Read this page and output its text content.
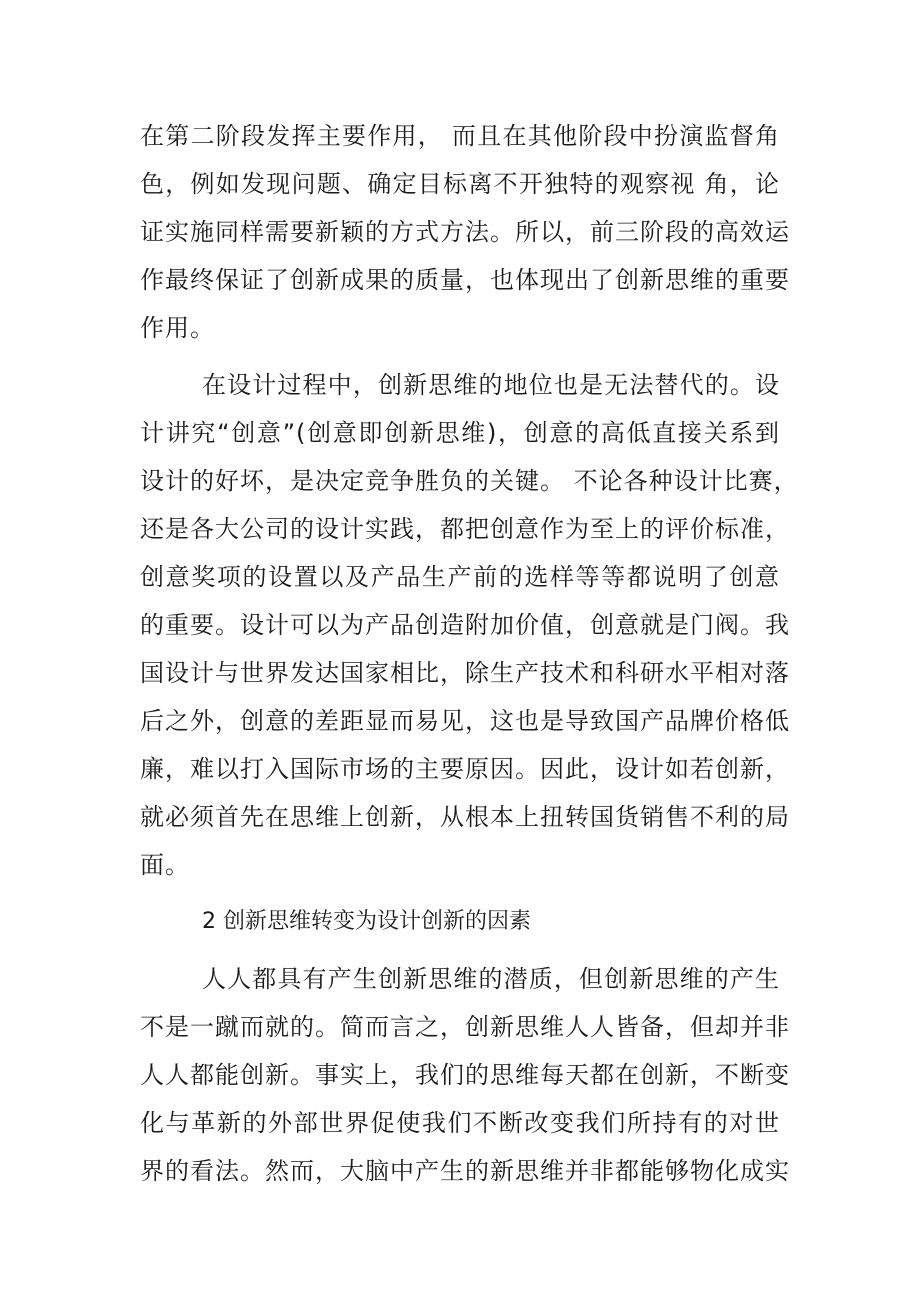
在第二阶段发挥主要作用， 而且在其他阶段中扮演监督角
色，例如发现问题、确定目标离不开独特的观察视 角，论
证实施同样需要新颖的方式方法。所以，前三阶段的高效运
作最终保证了创新成果的质量，也体现出了创新思维的重要
作用。
在设计过程中，创新思维的地位也是无法替代的。设
计讲究“创意”(创意即创新思维)，创意的高低直接关系到
设计的好坏，是决定竞争胜负的关键。 不论各种设计比赛，
还是各大公司的设计实践，都把创意作为至上的评价标准，
创意奖项的设置以及产品生产前的选样等等都说明了创意
的重要。设计可以为产品创造附加价值，创意就是门阀。我
国设计与世界发达国家相比，除生产技术和科研水平相对落
后之外，创意的差距显而易见，这也是导致国产品牌价格低
廉，难以打入国际市场的主要原因。因此，设计如若创新，
就必须首先在思维上创新，从根本上扭转国货销售不利的局
面。
2 创新思维转变为设计创新的因素
人人都具有产生创新思维的潜质，但创新思维的产生
不是一蹴而就的。简而言之，创新思维人人皆备，但却并非
人人都能创新。事实上，我们的思维每天都在创新，不断变
化与革新的外部世界促使我们不断改变我们所持有的对世
界的看法。然而，大脑中产生的新思维并非都能够物化成实
